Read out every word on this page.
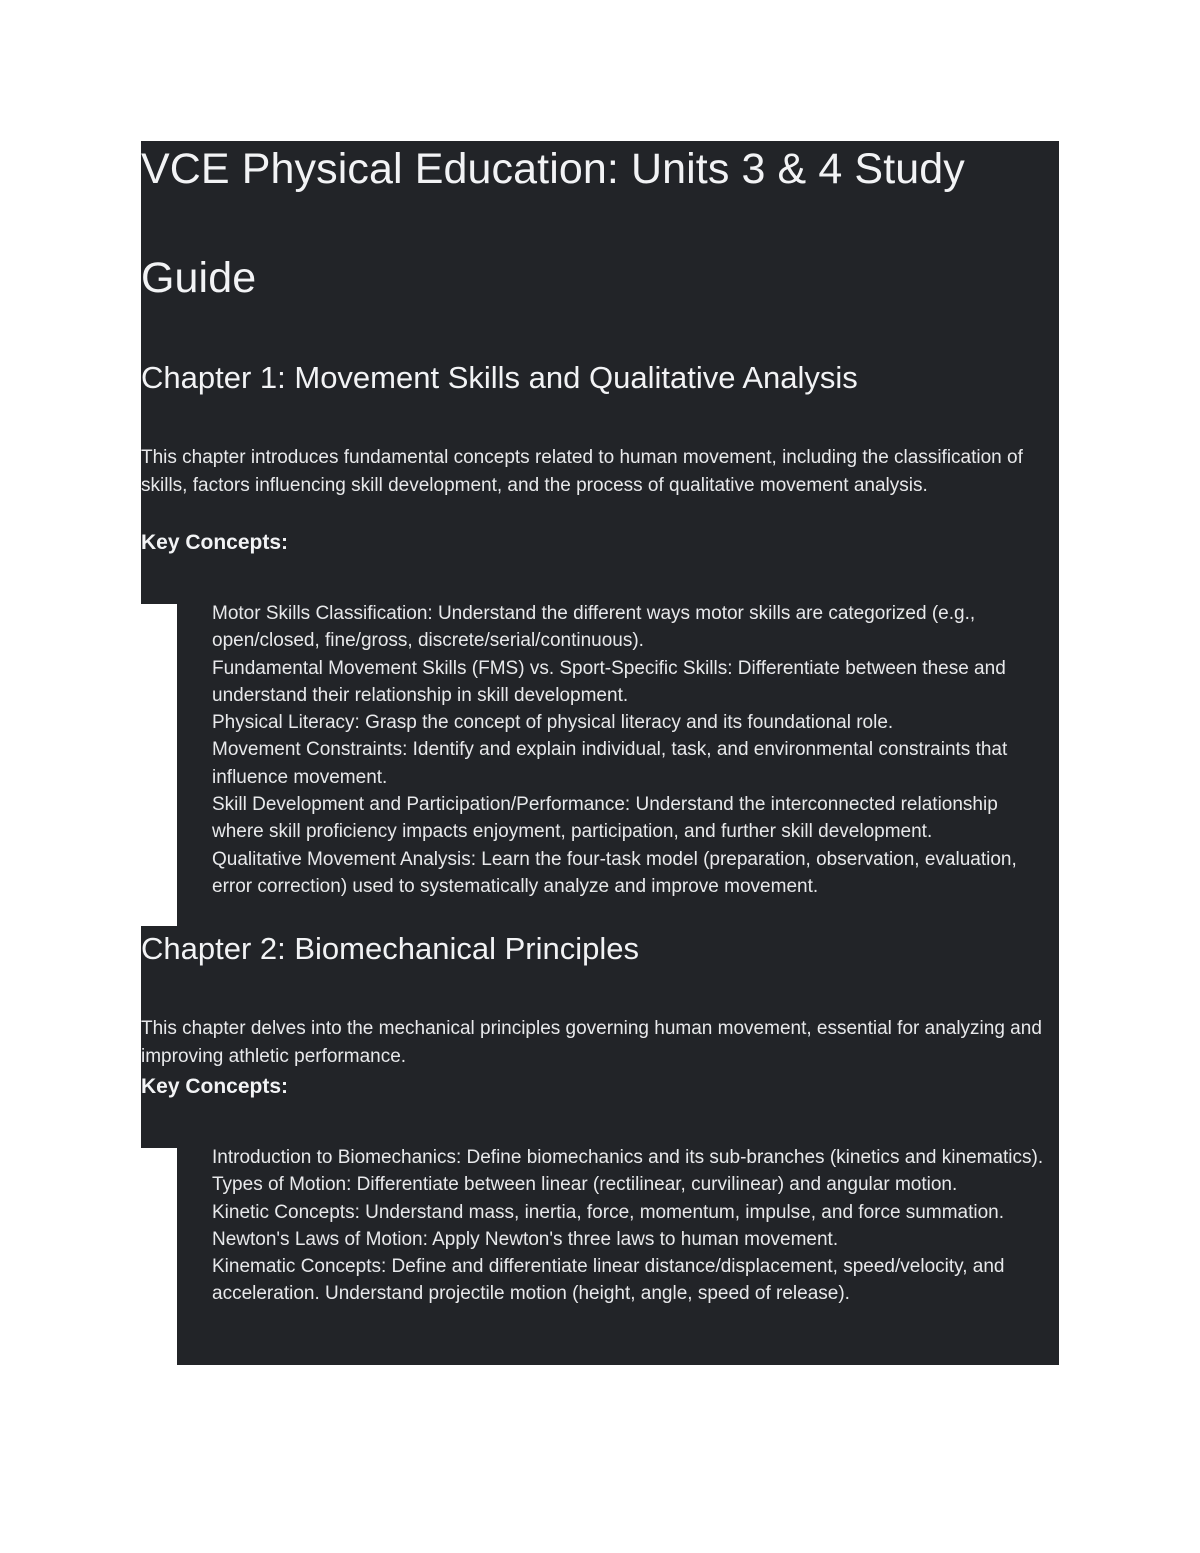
VCE Physical Education: Units 3 & 4 Study
Guide
Chapter 1: Movement Skills and Qualitative Analysis
This chapter introduces fundamental concepts related to human movement, including the classification of skills, factors influencing skill development, and the process of qualitative movement analysis.
Key Concepts:
Motor Skills Classification: Understand the different ways motor skills are categorized (e.g., open/closed, fine/gross, discrete/serial/continuous).
Fundamental Movement Skills (FMS) vs. Sport-Specific Skills: Differentiate between these and understand their relationship in skill development.
Physical Literacy: Grasp the concept of physical literacy and its foundational role.
Movement Constraints: Identify and explain individual, task, and environmental constraints that influence movement.
Skill Development and Participation/Performance: Understand the interconnected relationship where skill proficiency impacts enjoyment, participation, and further skill development.
Qualitative Movement Analysis: Learn the four-task model (preparation, observation, evaluation, error correction) used to systematically analyze and improve movement.
Chapter 2: Biomechanical Principles
This chapter delves into the mechanical principles governing human movement, essential for analyzing and improving athletic performance.
Key Concepts:
Introduction to Biomechanics: Define biomechanics and its sub-branches (kinetics and kinematics).
Types of Motion: Differentiate between linear (rectilinear, curvilinear) and angular motion.
Kinetic Concepts: Understand mass, inertia, force, momentum, impulse, and force summation.
Newton's Laws of Motion: Apply Newton's three laws to human movement.
Kinematic Concepts: Define and differentiate linear distance/displacement, speed/velocity, and acceleration. Understand projectile motion (height, angle, speed of release).
